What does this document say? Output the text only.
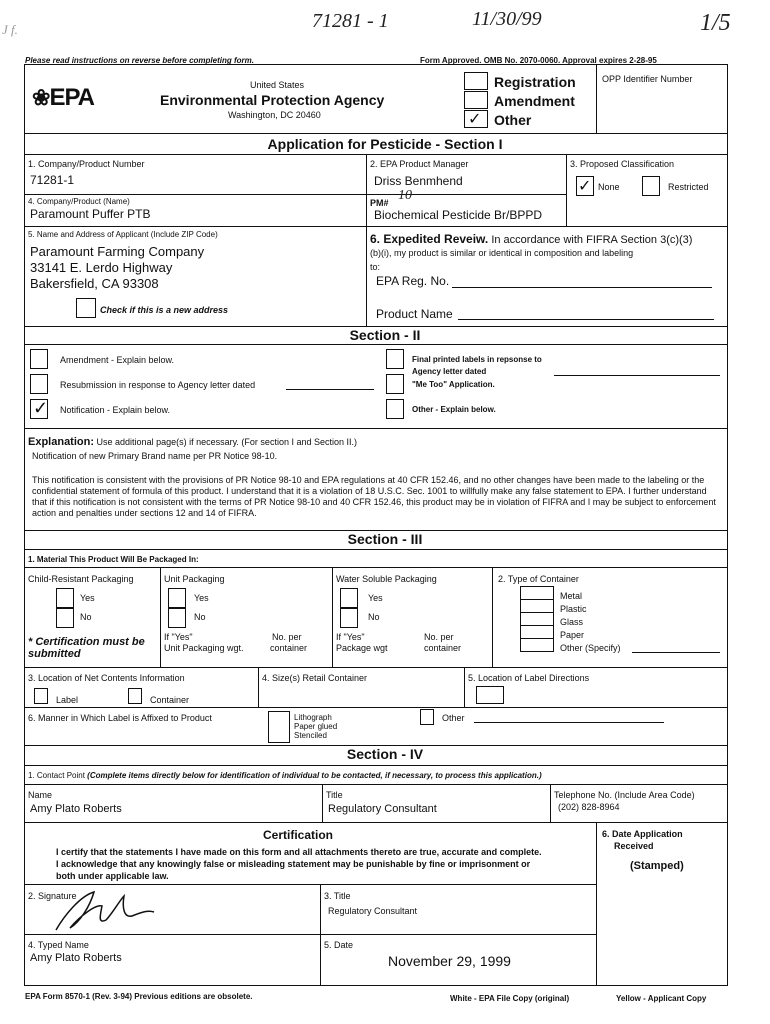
J f.	71281 - 1	11/30/99	1/5
Please read instructions on reverse before completing form.	Form Approved. OMB No. 2070-0060. Approval expires 2-28-95
❀EPA	United States
Environmental Protection Agency
Washington, DC 20460	✓
Registration
Amendment
Other
OPP Identifier Number
Application for Pesticide - Section I
1. Company/Product Number
71281-1
2. EPA Product Manager
Driss Benmhend
3. Proposed Classification
✓ None	Restricted
4. Company/Product (Name)
Paramount Puffer PTB
PM# 10
Biochemical Pesticide Br/BPPD
5. Name and Address of Applicant (Include ZIP Code)
Paramount Farming Company
33141 E. Lerdo Highway
Bakersfield, CA 93308
Check if this is a new address
6. Expedited Reveiw. In accordance with FIFRA Section 3(c)(3)
(b)(i), my product is similar or identical in composition and labeling
to:
EPA Reg. No.
Product Name
Section - II
Amendment - Explain below.
Resubmission in response to Agency letter dated
✓ Notification - Explain below.
Final printed labels in repsonse to
Agency letter dated
"Me Too" Application.
Other - Explain below.
Explanation: Use additional page(s) if necessary. (For section I and Section II.)
Notification of new Primary Brand name per PR Notice 98-10.
This notification is consistent with the provisions of PR Notice 98-10 and EPA regulations at 40 CFR 152.46, and no other changes have been made to the labeling or the confidential statement of formula of this product. I understand that it is a violation of 18 U.S.C. Sec. 1001 to willfully make any false statement to EPA. I further understand that if this notification is not consistent with the terms of PR Notice 98-10 and 40 CFR 152.46, this product may be in violation of FIFRA and I may be subject to enforcement action and penalties under sections 12 and 14 of FIFRA.
Section - III
1. Material This Product Will Be Packaged In:
Child-Resistant Packaging
Yes
No
* Certification must be submitted
Unit Packaging
Yes
No
If "Yes"
Unit Packaging wgt.
No. per
container
Water Soluble Packaging
Yes
No
If "Yes"
Package wgt
No. per
container
2. Type of Container
Metal
Plastic
Glass
Paper
Other (Specify)
3. Location of Net Contents Information
Label	Container
4. Size(s) Retail Container	5. Location of Label Directions
6. Manner in Which Label is Affixed to Product	Lithograph
Paper glued
Stenciled
Other
Section - IV
1. Contact Point (Complete items directly below for identification of individual to be contacted, if necessary, to process this application.)
Name
Amy Plato Roberts
Title
Regulatory Consultant
Telephone No. (Include Area Code)
(202) 828-8964
Certification
I certify that the statements I have made on this form and all attachments thereto are true, accurate and complete.
I acknowledge that any knowingly false or misleading statement may be punishable by fine or imprisonment or
both under applicable law.
6. Date Application
Received
(Stamped)
2. Signature	3. Title
Regulatory Consultant
4. Typed Name
Amy Plato Roberts
5. Date
November 29, 1999
EPA Form 8570-1 (Rev. 3-94) Previous editions are obsolete.	White - EPA File Copy (original)	Yellow - Applicant Copy
